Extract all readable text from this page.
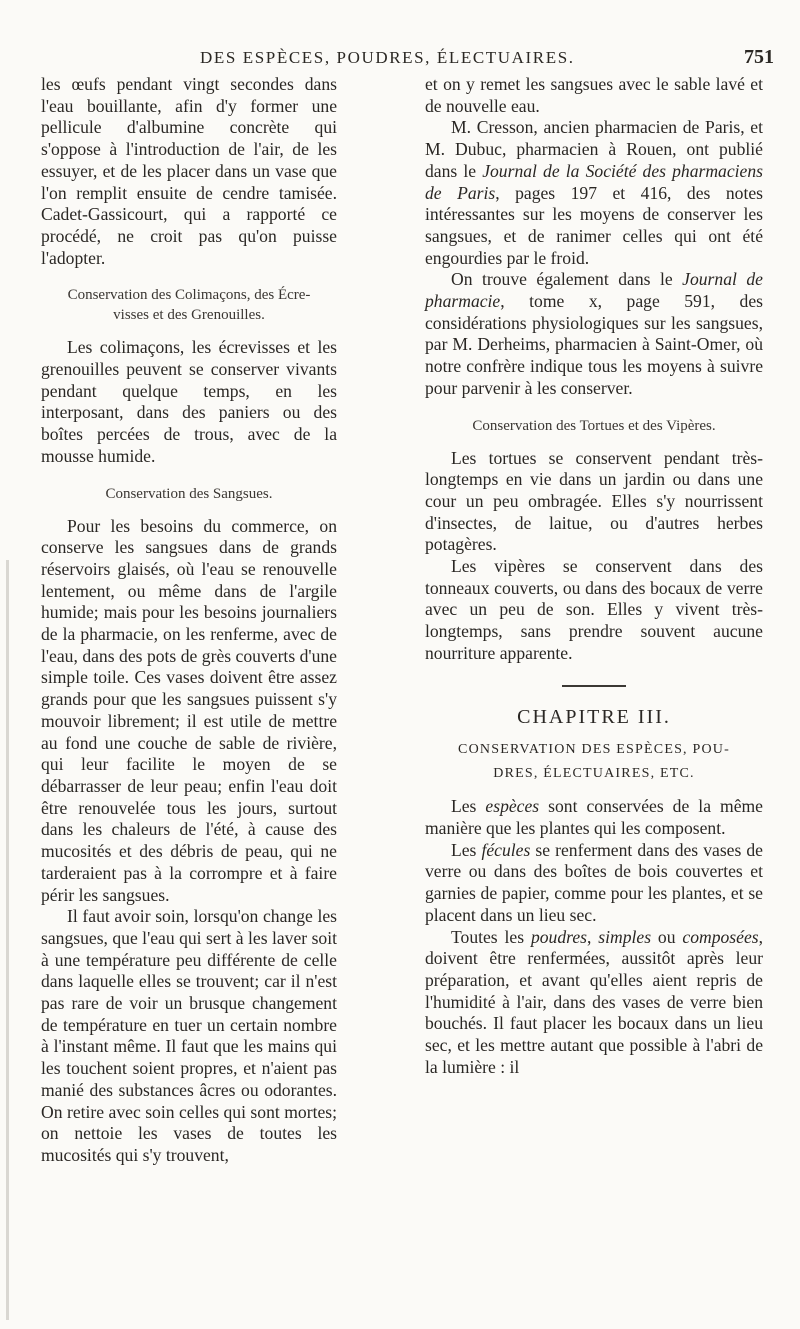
DES ESPÈCES, POUDRES, ÉLECTUAIRES.	751

les œufs pendant vingt secondes dans l'eau bouillante, afin d'y former une pellicule d'albumine concrète qui s'oppose à l'introduction de l'air, de les essuyer, et de les placer dans un vase que l'on remplit ensuite de cendre tamisée. Cadet-Gassicourt, qui a rapporté ce procédé, ne croit pas qu'on puisse l'adopter.

Conservation des Colimaçons, des Écre-
visses et des Grenouilles.

Les colimaçons, les écrevisses et les grenouilles peuvent se conserver vivants pendant quelque temps, en les interposant, dans des paniers ou des boîtes percées de trous, avec de la mousse humide.

Conservation des Sangsues.

Pour les besoins du commerce, on conserve les sangsues dans de grands réservoirs glaisés, où l'eau se renouvelle lentement, ou même dans de l'argile humide; mais pour les besoins journaliers de la pharmacie, on les renferme, avec de l'eau, dans des pots de grès couverts d'une simple toile. Ces vases doivent être assez grands pour que les sangsues puissent s'y mouvoir librement; il est utile de mettre au fond une couche de sable de rivière, qui leur facilite le moyen de se débarrasser de leur peau; enfin l'eau doit être renouvelée tous les jours, surtout dans les chaleurs de l'été, à cause des mucosités et des débris de peau, qui ne tarderaient pas à la corrompre et à faire périr les sangsues.

Il faut avoir soin, lorsqu'on change les sangsues, que l'eau qui sert à les laver soit à une température peu différente de celle dans laquelle elles se trouvent; car il n'est pas rare de voir un brusque changement de température en tuer un certain nombre à l'instant même. Il faut que les mains qui les touchent soient propres, et n'aient pas manié des substances âcres ou odorantes. On retire avec soin celles qui sont mortes; on nettoie les vases de toutes les mucosités qui s'y trouvent,

et on y remet les sangsues avec le sable lavé et de nouvelle eau.

M. Cresson, ancien pharmacien de Paris, et M. Dubuc, pharmacien à Rouen, ont publié dans le Journal de la Société des pharmaciens de Paris, pages 197 et 416, des notes intéressantes sur les moyens de conserver les sangsues, et de ranimer celles qui ont été engourdies par le froid.

On trouve également dans le Journal de pharmacie, tome x, page 591, des considérations physiologiques sur les sangsues, par M. Derheims, pharmacien à Saint-Omer, où notre confrère indique tous les moyens à suivre pour parvenir à les conserver.

Conservation des Tortues et des Vipères.

Les tortues se conservent pendant très-longtemps en vie dans un jardin ou dans une cour un peu ombragée. Elles s'y nourrissent d'insectes, de laitue, ou d'autres herbes potagères.

Les vipères se conservent dans des tonneaux couverts, ou dans des bocaux de verre avec un peu de son. Elles y vivent très-longtemps, sans prendre souvent aucune nourriture apparente.

CHAPITRE III.
CONSERVATION DES ESPÈCES, POU-
DRES, ÉLECTUAIRES, ETC.

Les espèces sont conservées de la même manière que les plantes qui les composent.

Les fécules se renferment dans des vases de verre ou dans des boîtes de bois couvertes et garnies de papier, comme pour les plantes, et se placent dans un lieu sec.

Toutes les poudres, simples ou composées, doivent être renfermées, aussitôt après leur préparation, et avant qu'elles aient repris de l'humidité à l'air, dans des vases de verre bien bouchés. Il faut placer les bocaux dans un lieu sec, et les mettre autant que possible à l'abri de la lumière : il
